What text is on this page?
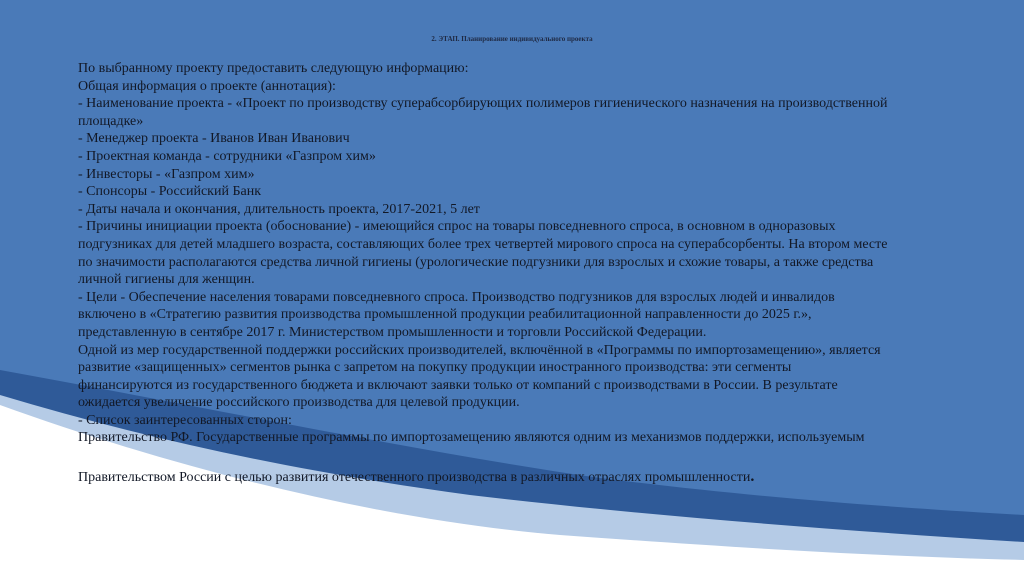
2. ЭТАП. Планирование индивидуального проекта
По выбранному проекту предоставить следующую информацию:
Общая информация о проекте (аннотация):
- Наименование проекта - «Проект по производству суперабсорбирующих полимеров гигиенического назначения на производственной
площадке»
- Менеджер проекта - Иванов Иван Иванович
- Проектная команда - сотрудники «Газпром хим»
- Инвесторы - «Газпром хим»
- Спонсоры - Российский Банк
- Даты начала и окончания, длительность проекта, 2017-2021, 5 лет
- Причины инициации проекта (обоснование) - имеющийся спрос на товары повседневного спроса, в основном в одноразовых
подгузниках для детей младшего возраста, составляющих более трех четвертей мирового спроса на суперабсорбенты. На втором месте
по значимости располагаются средства личной гигиены (урологические подгузники для взрослых и схожие товары, а также средства
личной гигиены для женщин.
- Цели - Обеспечение населения товарами повседневного спроса. Производство подгузников для взрослых людей и инвалидов
включено в «Стратегию развития производства промышленной продукции реабилитационной направленности до 2025 г.»,
представленную в сентябре 2017 г. Министерством промышленности и торговли Российской Федерации.
Одной из мер государственной поддержки российских производителей, включённой в «Программы по импортозамещению», является
развитие «защищенных» сегментов рынка с запретом на покупку продукции иностранного производства: эти сегменты
финансируются из государственного бюджета и включают заявки только от компаний с производствами в России. В результате
ожидается увеличение российского производства для целевой продукции.
- Список заинтересованных сторон:
Правительство РФ. Государственные программы по импортозамещению являются одним из механизмов поддержки, используемым
Правительством России с целью развития отечественного производства в различных отраслях промышленности.
